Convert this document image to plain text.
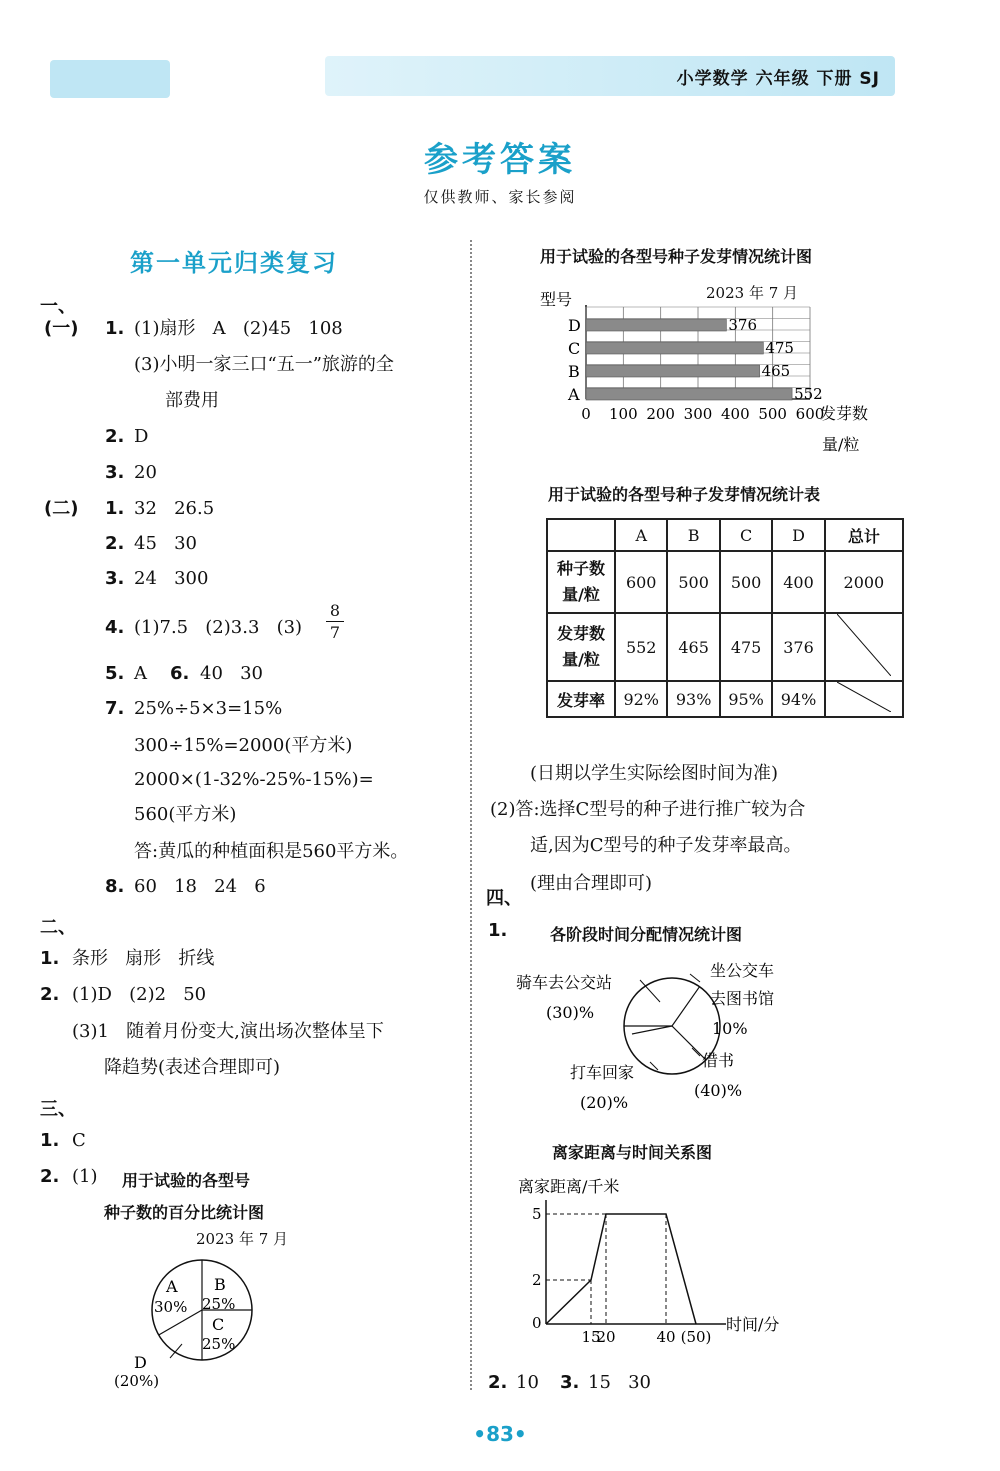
小学数学 六年级 下册 SJ
参考答案
仅供教师、家长参阅
第一单元归类复习
一、
(一) 1. (1)扇形   A   (2)45   108
(3)小明一家三口“五一”旅游的全
部费用
2. D
3. 20
(二) 1. 32   26.5
2. 45   30
3. 24   300
4. (1)7.5   (2)3.3   (3)
8
7
5. A 6. 40   30
7. 25%÷5×3=15%
300÷15%=2000(平方米)
2000×(1-32%-25%-15%)=
560(平方米)
答:黄瓜的种植面积是560平方米。
8. 60   18   24   6
二、
1. 条形   扇形   折线
2. (1)D   (2)2   50
(3)1   随着月份变大,演出场次整体呈下
降趋势(表述合理即可)
三、
1. C
2. (1) 用于试验的各型号
种子数的百分比统计图
2023 年 7 月
A
30%
B
25%
C
25%
D
(20%)
用于试验的各型号种子发芽情况统计图
2023 年 7 月
型号
376
475
465
552
D
C
B
A
0 100 200 300 400 500 600
发芽数
量/粒
用于试验的各型号种子发芽情况统计表
	A	B	C	D	总计
种子数
量/粒	600	500	500	400	2000
发芽数
量/粒	552	465	475	376	
发芽率	92%	93%	95%	94%	
(日期以学生实际绘图时间为准)
(2)答:选择C型号的种子进行推广较为合
适,因为C型号的种子发芽率最高。
(理由合理即可)
四、
1.	各阶段时间分配情况统计图
骑车去公交站
(30)%
坐公交车
去图书馆
10%
打车回家
(20)%
借书
(40)%
离家距离与时间关系图
离家距离/千米
15
20	40 (50)
0
2
5
时间/分
2. 10 3. 15   30
•83•
